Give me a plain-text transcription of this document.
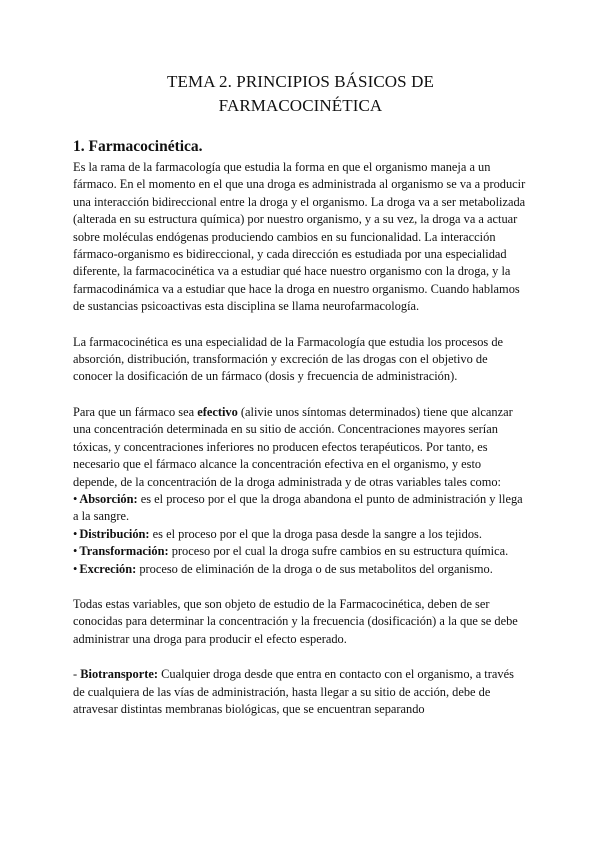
TEMA 2. PRINCIPIOS BÁSICOS DE
FARMACOCINÉTICA
1. Farmacocinética.

Es la rama de la farmacología que estudia la forma en que el organismo maneja a un fármaco. En el momento en el que una droga es administrada al organismo se va a producir una interacción bidireccional entre la droga y el organismo. La droga va a ser metabolizada (alterada en su estructura química) por nuestro organismo, y a su vez, la droga va a actuar sobre moléculas endógenas produciendo cambios en su funcionalidad. La interacción fármaco-organismo es bidireccional, y cada dirección es estudiada por una especialidad diferente, la farmacocinética va a estudiar qué hace nuestro organismo con la droga, y la farmacodinámica va a estudiar que hace la droga en nuestro organismo. Cuando hablamos de sustancias psicoactivas esta disciplina se llama neurofarmacología.

La farmacocinética es una especialidad de la Farmacología que estudia los procesos de absorción, distribución, transformación y excreción de las drogas con el objetivo de conocer la dosificación de un fármaco (dosis y frecuencia de administración).

Para que un fármaco sea efectivo (alivie unos síntomas determinados) tiene que alcanzar una concentración determinada en su sitio de acción. Concentraciones mayores serían tóxicas, y concentraciones inferiores no producen efectos terapéuticos. Por tanto, es necesario que el fármaco alcance la concentración efectiva en el organismo, y esto depende, de la concentración de la droga administrada y de otras variables tales como:

• Absorción: es el proceso por el que la droga abandona el punto de administración y llega a la sangre.
• Distribución: es el proceso por el que la droga pasa desde la sangre a los tejidos.
• Transformación: proceso por el cual la droga sufre cambios en su estructura química.
• Excreción: proceso de eliminación de la droga o de sus metabolitos del organismo.

Todas estas variables, que son objeto de estudio de la Farmacocinética, deben de ser conocidas para determinar la concentración y la frecuencia (dosificación) a la que se debe administrar una droga para producir el efecto esperado.

- Biotransporte: Cualquier droga desde que entra en contacto con el organismo, a través de cualquiera de las vías de administración, hasta llegar a su sitio de acción, debe de atravesar distintas membranas biológicas, que se encuentran separando
